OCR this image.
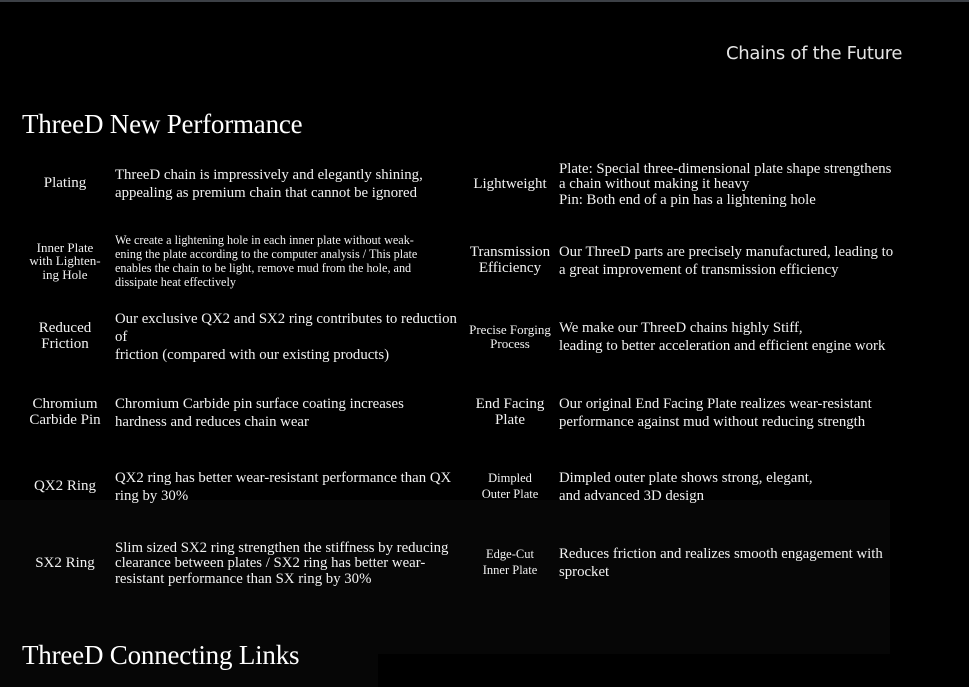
Chains of the Future
ThreeD New Performance
Plating
ThreeD chain is impressively and elegantly shining,
appealing as premium chain that cannot be ignored
Inner Plate
with Lighten-
ing Hole
We create a lightening hole in each inner plate without weak-
ening the plate according to the computer analysis / This plate
enables the chain to be light, remove mud from the hole, and
dissipate heat effectively
Reduced
Friction
Our exclusive QX2 and SX2 ring contributes to reduction of
friction (compared with our existing products)
Chromium
Carbide Pin
Chromium Carbide pin surface coating increases
hardness and reduces chain wear
QX2 Ring
QX2 ring has better wear-resistant performance than QX
ring by 30%
SX2 Ring
Slim sized SX2 ring strengthen the stiffness by reducing
clearance between plates / SX2 ring has better wear-
resistant performance than SX ring by 30%
Lightweight
Plate: Special three-dimensional plate shape strengthens
a chain without making it heavy
Pin: Both end of a pin has a lightening hole
Transmission
Efficiency
Our ThreeD parts are precisely manufactured, leading to
a great improvement of transmission efficiency
Precise Forging
Process
We make our ThreeD chains highly Stiff,
leading to better acceleration and efficient engine work
End Facing
Plate
Our original End Facing Plate realizes wear-resistant
performance against mud without reducing strength
Dimpled
Outer Plate
Dimpled outer plate shows strong, elegant,
and advanced 3D design
Edge-Cut
Inner Plate
Reduces friction and realizes smooth engagement with
sprocket
ThreeD Connecting Links
